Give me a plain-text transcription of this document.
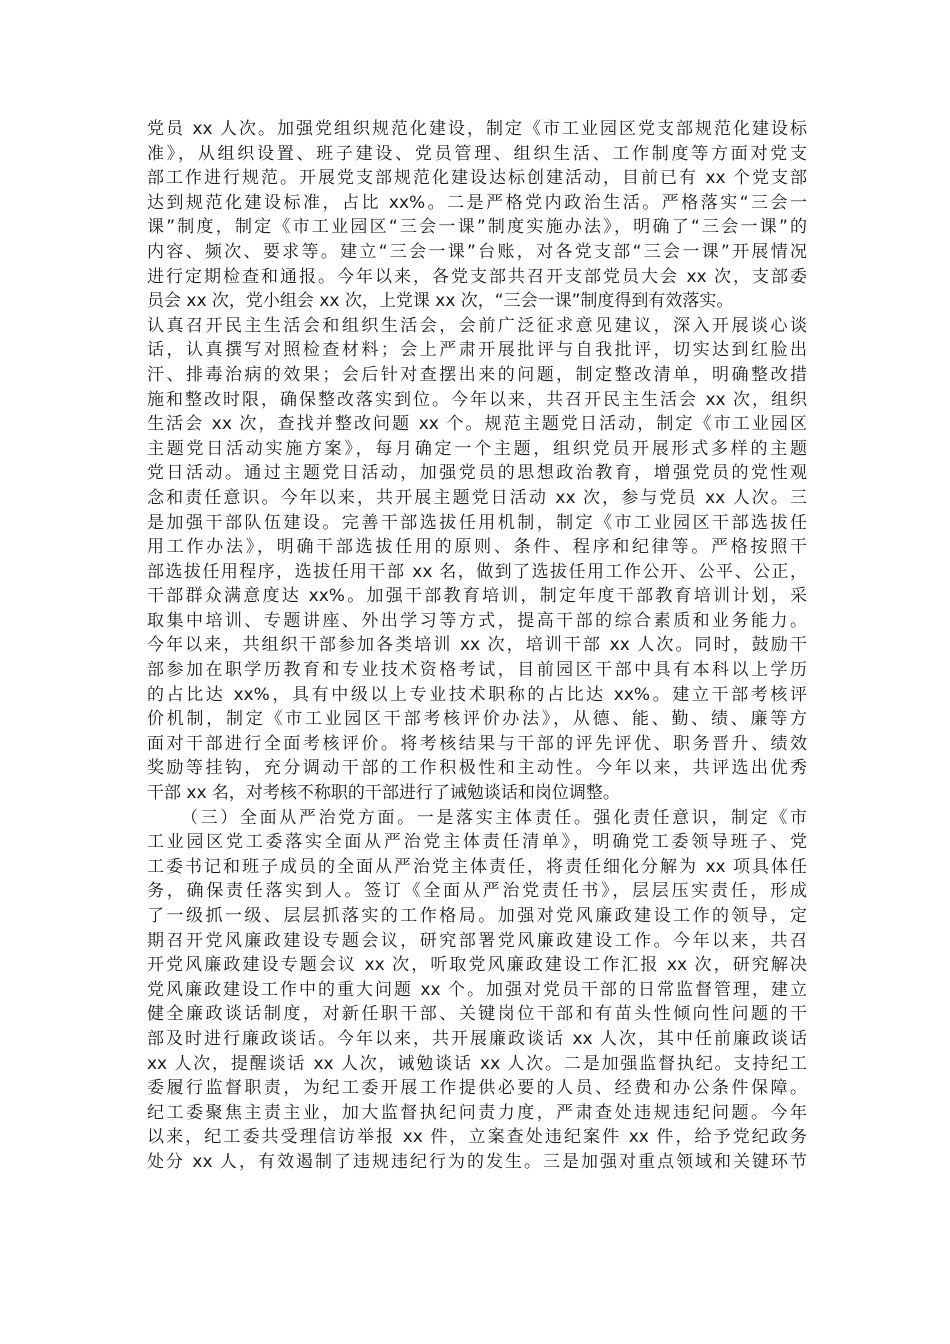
党员 xx 人次。加强党组织规范化建设，制定《市工业园区党支部规范化建设标
准》，从组织设置、班子建设、党员管理、组织生活、工作制度等方面对党支
部工作进行规范。开展党支部规范化建设达标创建活动，目前已有 xx 个党支部
达到规范化建设标准，占比 xx%。二是严格党内政治生活。严格落实“三会一
课”制度，制定《市工业园区“三会一课”制度实施办法》，明确了“三会一课”的
内容、频次、要求等。建立“三会一课”台账，对各党支部“三会一课”开展情况
进行定期检查和通报。今年以来，各党支部共召开支部党员大会 xx 次，支部委
员会 xx 次，党小组会 xx 次，上党课 xx 次，“三会一课”制度得到有效落实。
认真召开民主生活会和组织生活会，会前广泛征求意见建议，深入开展谈心谈
话，认真撰写对照检查材料；会上严肃开展批评与自我批评，切实达到红脸出
汗、排毒治病的效果；会后针对查摆出来的问题，制定整改清单，明确整改措
施和整改时限，确保整改落实到位。今年以来，共召开民主生活会 xx 次，组织
生活会 xx 次，查找并整改问题 xx 个。规范主题党日活动，制定《市工业园区
主题党日活动实施方案》，每月确定一个主题，组织党员开展形式多样的主题
党日活动。通过主题党日活动，加强党员的思想政治教育，增强党员的党性观
念和责任意识。今年以来，共开展主题党日活动 xx 次，参与党员 xx 人次。三
是加强干部队伍建设。完善干部选拔任用机制，制定《市工业园区干部选拔任
用工作办法》，明确干部选拔任用的原则、条件、程序和纪律等。严格按照干
部选拔任用程序，选拔任用干部 xx 名，做到了选拔任用工作公开、公平、公正，
干部群众满意度达 xx%。加强干部教育培训，制定年度干部教育培训计划，采
取集中培训、专题讲座、外出学习等方式，提高干部的综合素质和业务能力。
今年以来，共组织干部参加各类培训 xx 次，培训干部 xx 人次。同时，鼓励干
部参加在职学历教育和专业技术资格考试，目前园区干部中具有本科以上学历
的占比达 xx%，具有中级以上专业技术职称的占比达 xx%。建立干部考核评
价机制，制定《市工业园区干部考核评价办法》，从德、能、勤、绩、廉等方
面对干部进行全面考核评价。将考核结果与干部的评先评优、职务晋升、绩效
奖励等挂钩，充分调动干部的工作积极性和主动性。今年以来，共评选出优秀
干部 xx 名，对考核不称职的干部进行了诫勉谈话和岗位调整。
（三）全面从严治党方面。一是落实主体责任。强化责任意识，制定《市
工业园区党工委落实全面从严治党主体责任清单》，明确党工委领导班子、党
工委书记和班子成员的全面从严治党主体责任，将责任细化分解为 xx 项具体任
务，确保责任落实到人。签订《全面从严治党责任书》，层层压实责任，形成
了一级抓一级、层层抓落实的工作格局。加强对党风廉政建设工作的领导，定
期召开党风廉政建设专题会议，研究部署党风廉政建设工作。今年以来，共召
开党风廉政建设专题会议 xx 次，听取党风廉政建设工作汇报 xx 次，研究解决
党风廉政建设工作中的重大问题 xx 个。加强对党员干部的日常监督管理，建立
健全廉政谈话制度，对新任职干部、关键岗位干部和有苗头性倾向性问题的干
部及时进行廉政谈话。今年以来，共开展廉政谈话 xx 人次，其中任前廉政谈话
xx 人次，提醒谈话 xx 人次，诫勉谈话 xx 人次。二是加强监督执纪。支持纪工
委履行监督职责，为纪工委开展工作提供必要的人员、经费和办公条件保障。
纪工委聚焦主责主业，加大监督执纪问责力度，严肃查处违规违纪问题。今年
以来，纪工委共受理信访举报 xx 件，立案查处违纪案件 xx 件，给予党纪政务
处分 xx 人，有效遏制了违规违纪行为的发生。三是加强对重点领域和关键环节
